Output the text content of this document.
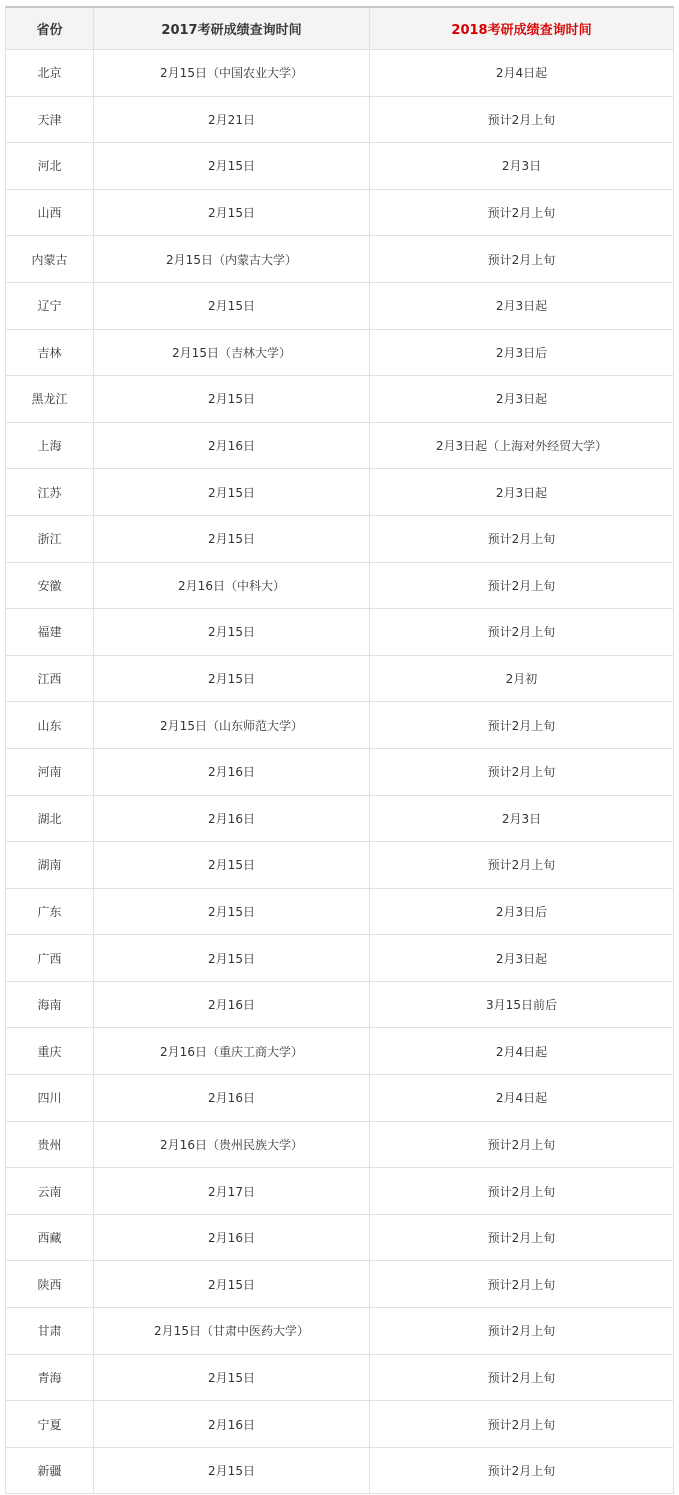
省份	2017考研成绩查询时间	2018考研成绩查询时间
北京	2月15日（中国农业大学）	2月4日起
天津	2月21日	预计2月上旬
河北	2月15日	2月3日
山西	2月15日	预计2月上旬
内蒙古	2月15日（内蒙古大学）	预计2月上旬
辽宁	2月15日	2月3日起
吉林	2月15日（吉林大学）	2月3日后
黑龙江	2月15日	2月3日起
上海	2月16日	2月3日起（上海对外经贸大学）
江苏	2月15日	2月3日起
浙江	2月15日	预计2月上旬
安徽	2月16日（中科大）	预计2月上旬
福建	2月15日	预计2月上旬
江西	2月15日	2月初
山东	2月15日（山东师范大学）	预计2月上旬
河南	2月16日	预计2月上旬
湖北	2月16日	2月3日
湖南	2月15日	预计2月上旬
广东	2月15日	2月3日后
广西	2月15日	2月3日起
海南	2月16日	3月15日前后
重庆	2月16日（重庆工商大学）	2月4日起
四川	2月16日	2月4日起
贵州	2月16日（贵州民族大学）	预计2月上旬
云南	2月17日	预计2月上旬
西藏	2月16日	预计2月上旬
陕西	2月15日	预计2月上旬
甘肃	2月15日（甘肃中医药大学）	预计2月上旬
青海	2月15日	预计2月上旬
宁夏	2月16日	预计2月上旬
新疆	2月15日	预计2月上旬
